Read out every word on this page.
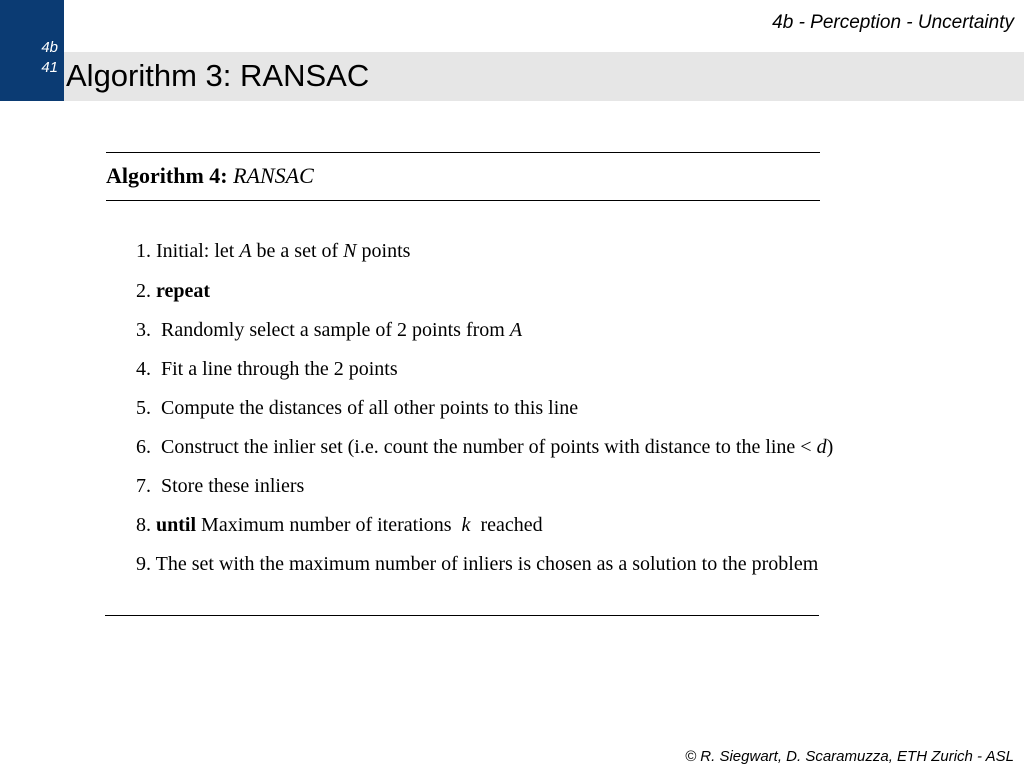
4b
41
4b - Perception - Uncertainty
Algorithm 3: RANSAC
Algorithm 4: RANSAC
1. Initial: let A be a set of N points
2. repeat
3. Randomly select a sample of 2 points from A
4. Fit a line through the 2 points
5. Compute the distances of all other points to this line
6. Construct the inlier set (i.e. count the number of points with distance to the line < d)
7. Store these inliers
8. until Maximum number of iterations k reached
9. The set with the maximum number of inliers is chosen as a solution to the problem
© R. Siegwart, D. Scaramuzza, ETH Zurich - ASL
